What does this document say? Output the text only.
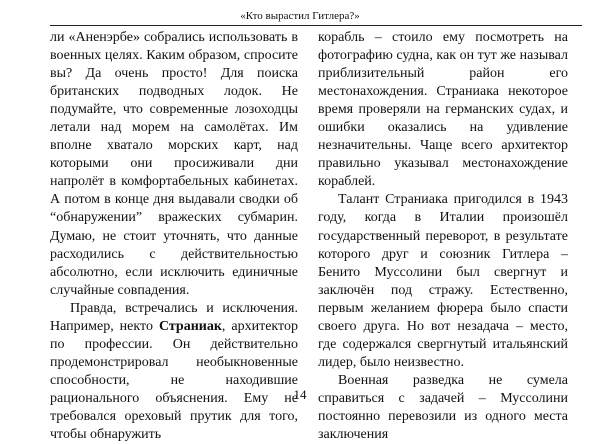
«Кто вырастил Гитлера?»

ли «Аненэрбе» собрались использовать в военных целях. Каким образом, спросите вы? Да очень просто! Для поиска британских подводных лодок. Не подумайте, что современные лозоходцы летали над морем на самолётах. Им вполне хватало морских карт, над которыми они просиживали дни напролёт в комфортабельных кабинетах. А потом в конце дня выдавали сводки об “обнаружении” вражеских субмарин. Думаю, не стоит уточнять, что данные расходились с действительностью абсолютно, если исключить единичные случайные совпадения.

Правда, встречались и исключения. Например, некто Страниак, архитектор по профессии. Он действительно продемонстрировал необыкновенные способности, не находившие рационального объяснения. Ему не требовался ореховый прутик для того, чтобы обнаружить

корабль – стоило ему посмотреть на фотографию судна, как он тут же называл приблизительный район его местонахождения. Страниака некоторое время проверяли на германских судах, и ошибки оказались на удивление незначительны. Чаще всего архитектор правильно указывал местонахождение кораблей.

Талант Страниака пригодился в 1943 году, когда в Италии произошёл государственный переворот, в результате которого друг и союзник Гитлера – Бенито Муссолини был свергнут и заключён под стражу. Естественно, первым желанием фюрера было спасти своего друга. Но вот незадача – место, где содержался свергнутый итальянский лидер, было неизвестно.

Военная разведка не сумела справиться с задачей – Муссолини постоянно перевозили из одного места заключения

14
